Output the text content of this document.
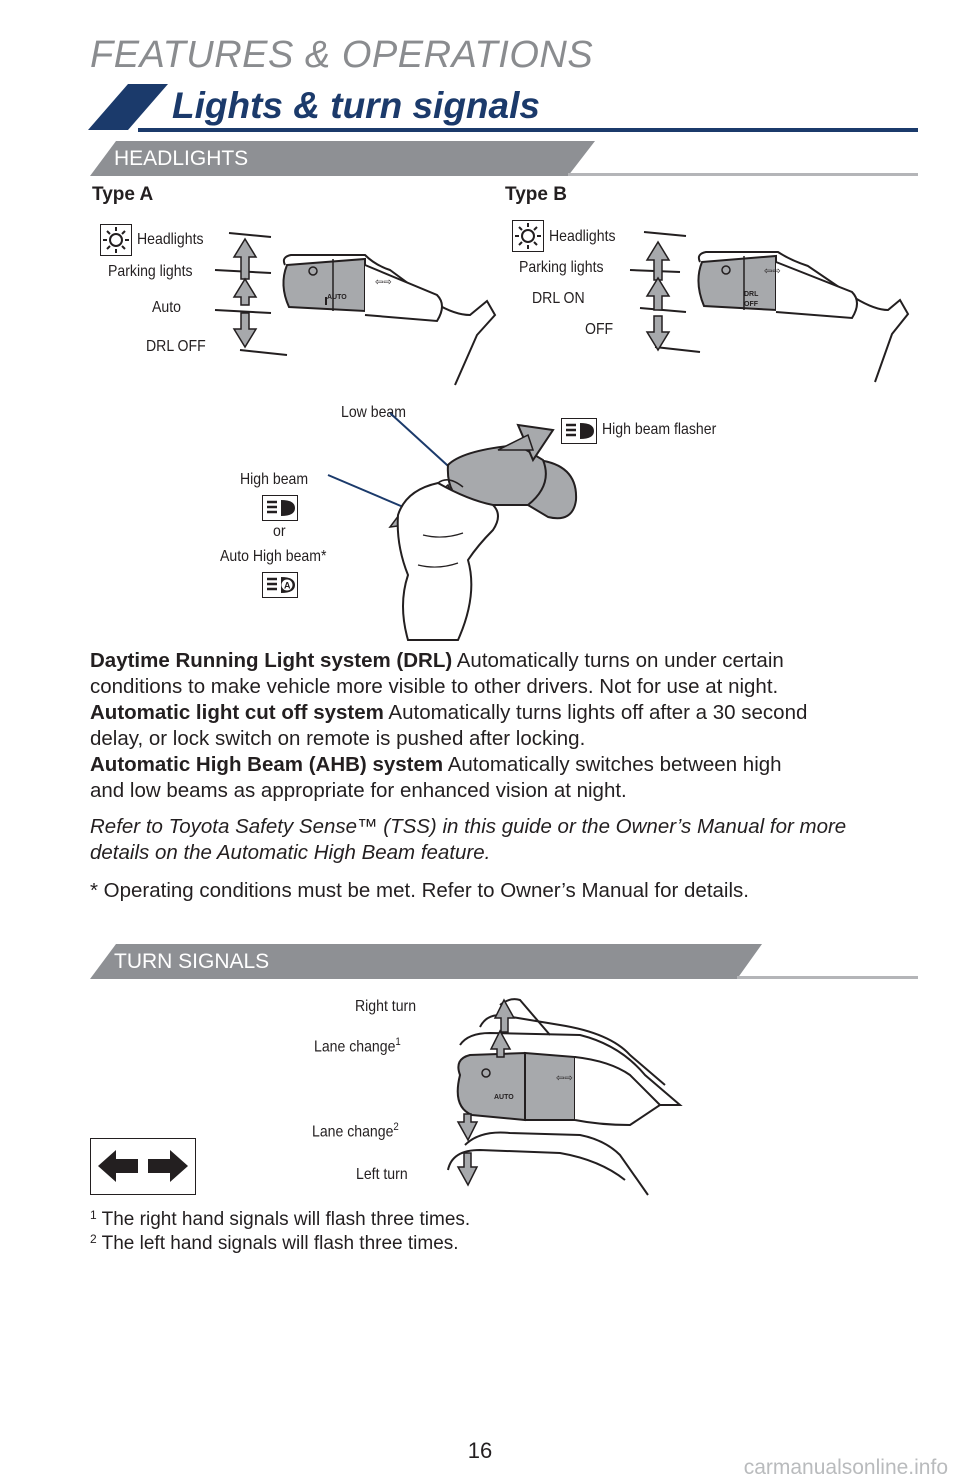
FEATURES & OPERATIONS
Lights & turn signals
HEADLIGHTS
Type A	Type B
Headlights
Parking lights
Auto
DRL OFF
AUTO
⇦⇨
Headlights
Parking lights
DRL ON
OFF
DRL
OFF
⇦⇨
Low beam
High beam flasher
High beam
or
Auto High beam*
A
Daytime Running Light system (DRL) Automatically turns on under certain
conditions to make vehicle more visible to other drivers. Not for use at night.
Automatic light cut off system Automatically turns lights off after a 30 second
delay, or lock switch on remote is pushed after locking.
Automatic High Beam (AHB) system Automatically switches between high
and low beams as appropriate for enhanced vision at night.
Refer to Toyota Safety Sense™ (TSS) in this guide or the Owner’s Manual for more
details on the Automatic High Beam feature.
* Operating conditions must be met. Refer to Owner’s Manual for details.
TURN SIGNALS
Right turn
Lane change$^1$
Lane change$^2$
Left turn
AUTO
⇦⇨
$^1$ The right hand signals will flash three times.
$^2$ The left hand signals will flash three times.
16
carmanualsonline.info
